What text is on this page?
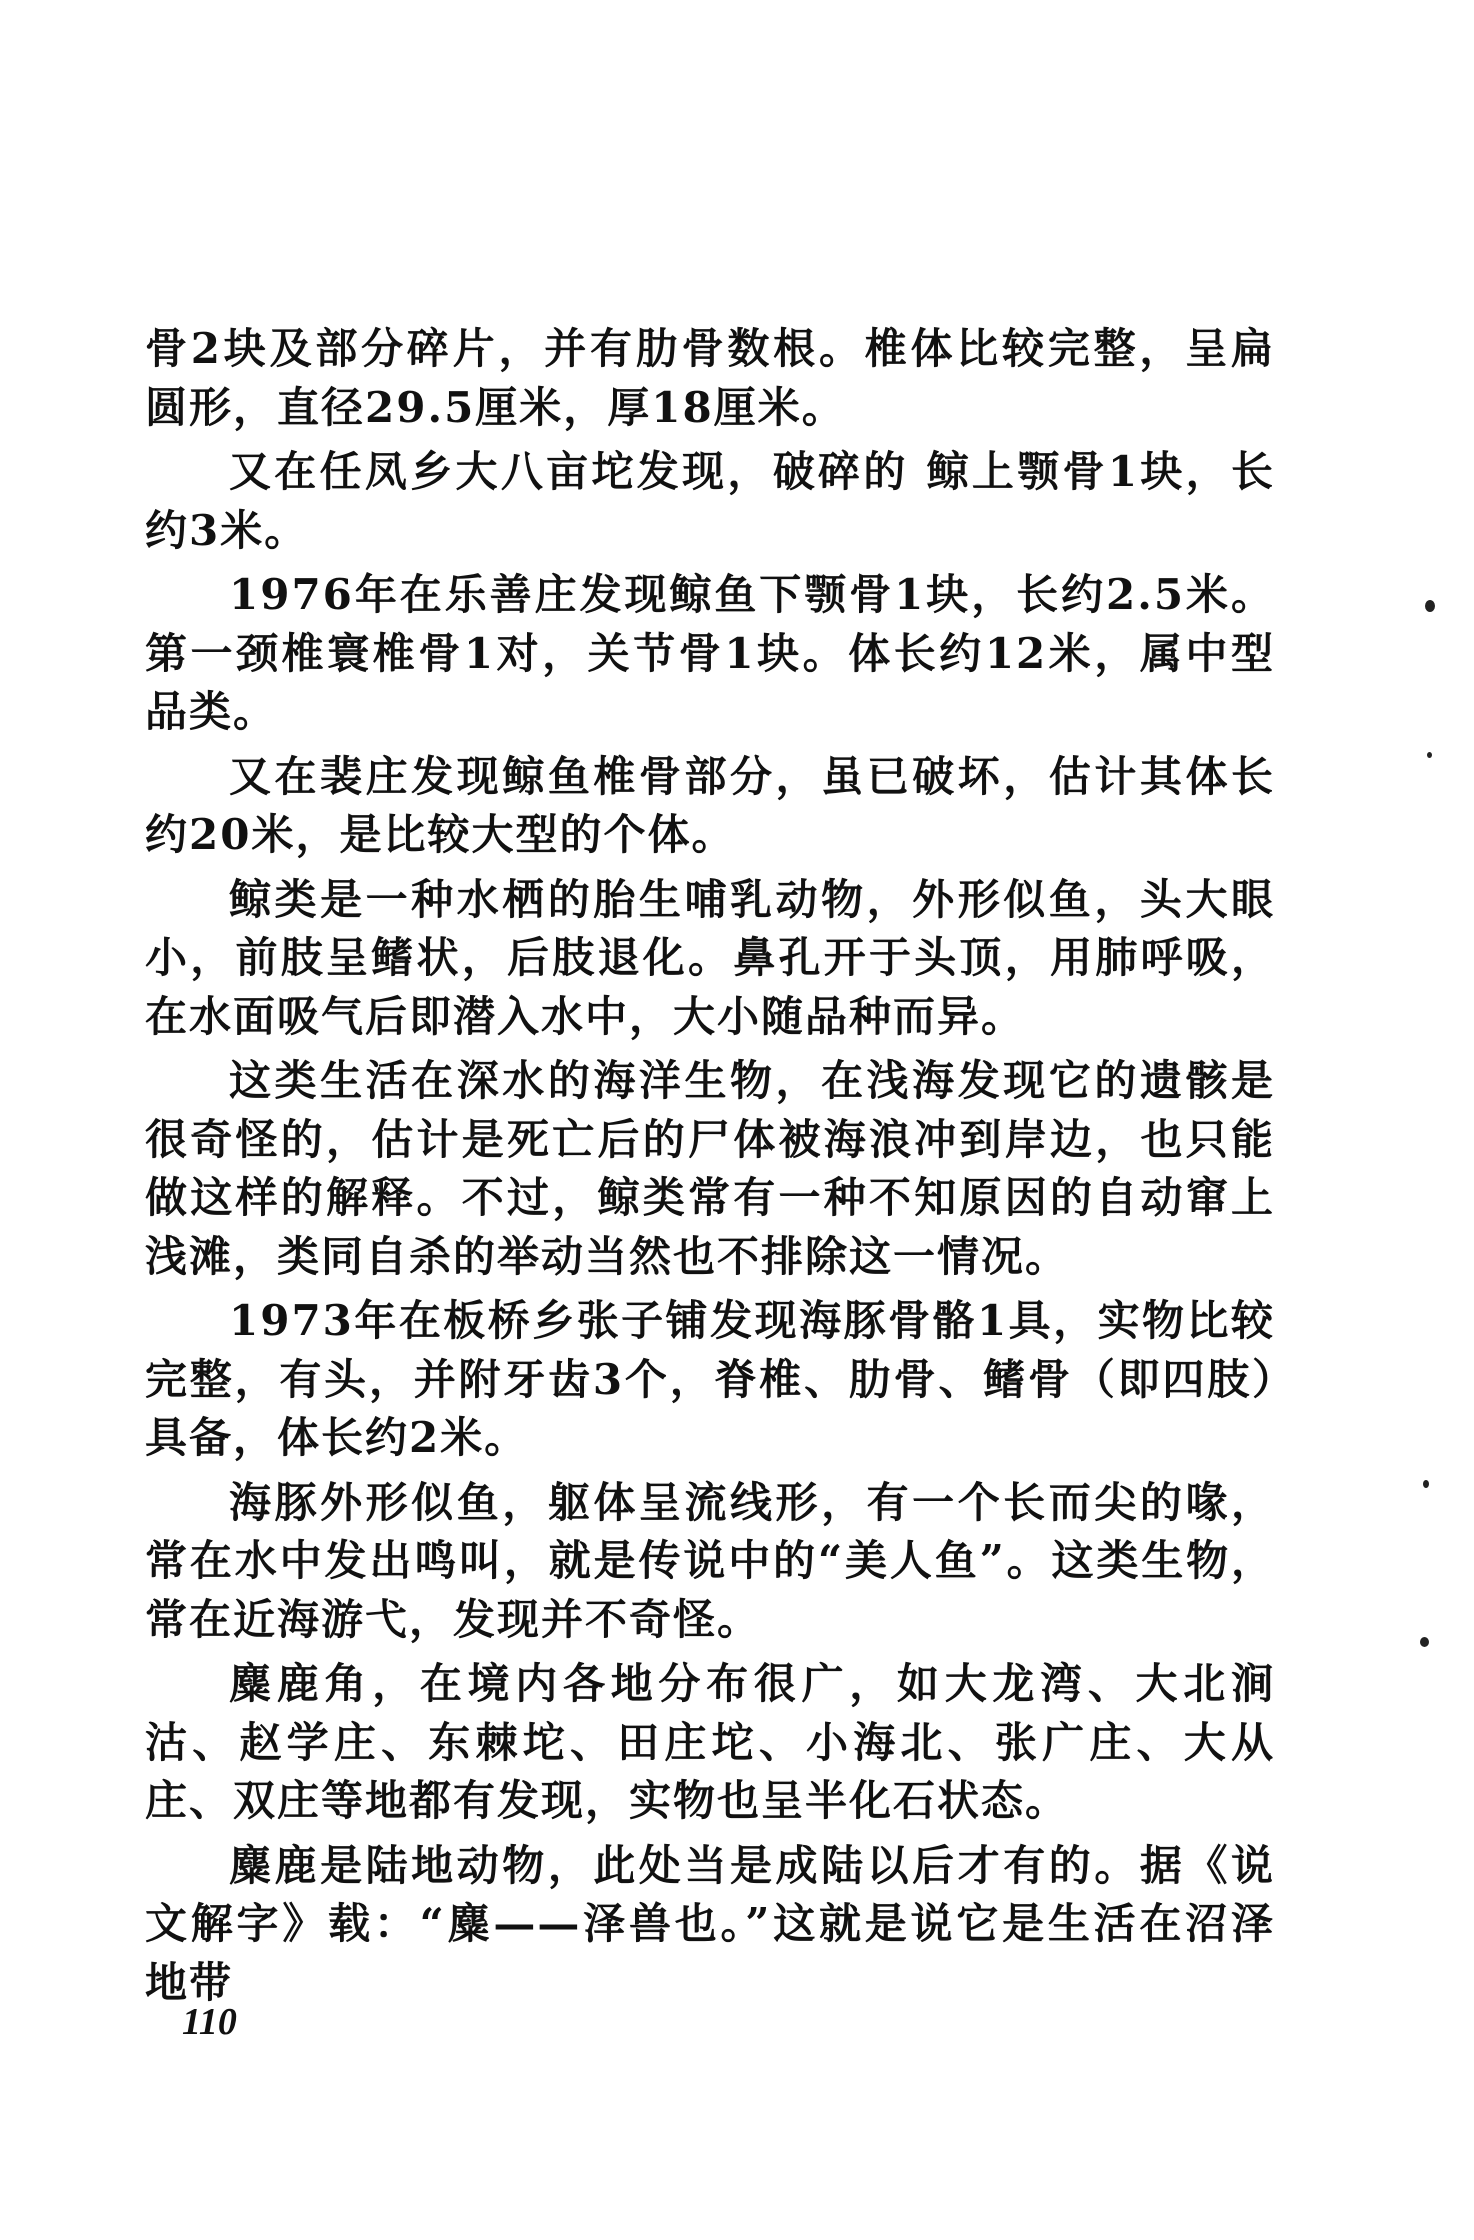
骨2块及部分碎片，并有肋骨数根。椎体比较完整，呈扁圆形，直径29.5厘米，厚18厘米。

又在任凤乡大八亩坨发现，破碎的 鲸上颚骨1块，长约3米。

1976年在乐善庄发现鲸鱼下颚骨1块，长约2.5米。第一颈椎寰椎骨1对，关节骨1块。体长约12米，属中型品类。

又在裴庄发现鲸鱼椎骨部分，虽已破坏，估计其体长约20米，是比较大型的个体。

鲸类是一种水栖的胎生哺乳动物，外形似鱼，头大眼小，前肢呈鳍状，后肢退化。鼻孔开于头顶，用肺呼吸，在水面吸气后即潜入水中，大小随品种而异。

这类生活在深水的海洋生物，在浅海发现它的遗骸是很奇怪的，估计是死亡后的尸体被海浪冲到岸边，也只能做这样的解释。不过，鲸类常有一种不知原因的自动窜上浅滩，类同自杀的举动当然也不排除这一情况。

1973年在板桥乡张子铺发现海豚骨骼1具，实物比较完整，有头，并附牙齿3个，脊椎、肋骨、鳍骨（即四肢）具备，体长约2米。

海豚外形似鱼，躯体呈流线形，有一个长而尖的喙，常在水中发出鸣叫，就是传说中的“美人鱼”。这类生物，常在近海游弋，发现并不奇怪。

麋鹿角，在境内各地分布很广，如大龙湾、大北涧沽、赵学庄、东棘坨、田庄坨、小海北、张广庄、大从庄、双庄等地都有发现，实物也呈半化石状态。

麋鹿是陆地动物，此处当是成陆以后才有的。据《说文解字》载：“麋——泽兽也。”这就是说它是生活在沼泽地带

110
